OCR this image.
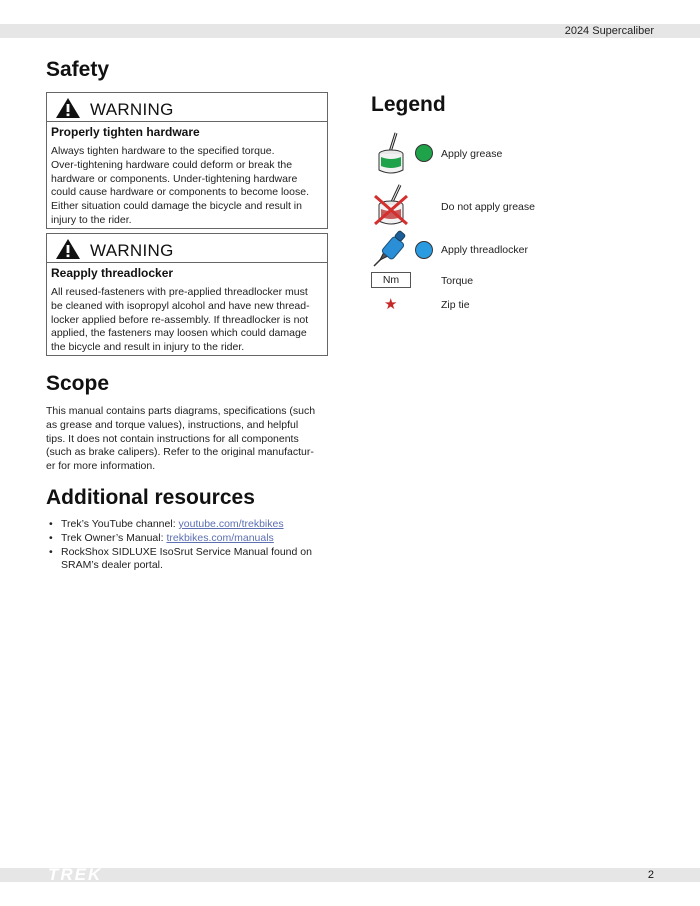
2024 Supercaliber
Safety
WARNING
Properly tighten hardware
Always tighten hardware to the specified torque.
Over-tightening hardware could deform or break the
hardware or components. Under-tightening hardware
could cause hardware or components to become loose.
Either situation could damage the bicycle and result in
injury to the rider.
WARNING
Reapply threadlocker
All reused-fasteners with pre-applied threadlocker must
be cleaned with isopropyl alcohol and have new thread-
locker applied before re-assembly. If threadlocker is not
applied, the fasteners may loosen which could damage
the bicycle and result in injury to the rider.
Scope
This manual contains parts diagrams, specifications (such
as grease and torque values), instructions, and helpful
tips. It does not contain instructions for all components
(such as brake calipers). Refer to the original manufactur-
er for more information.
Additional resources
• Trek’s YouTube channel: youtube.com/trekbikes
• Trek Owner’s Manual: trekbikes.com/manuals
• RockShox SIDLUXE IsoSrut Service Manual found on
SRAM’s dealer portal.
Legend
Apply grease
Do not apply grease
Apply threadlocker
Nm	Torque
★	Zip tie
TREK	2
